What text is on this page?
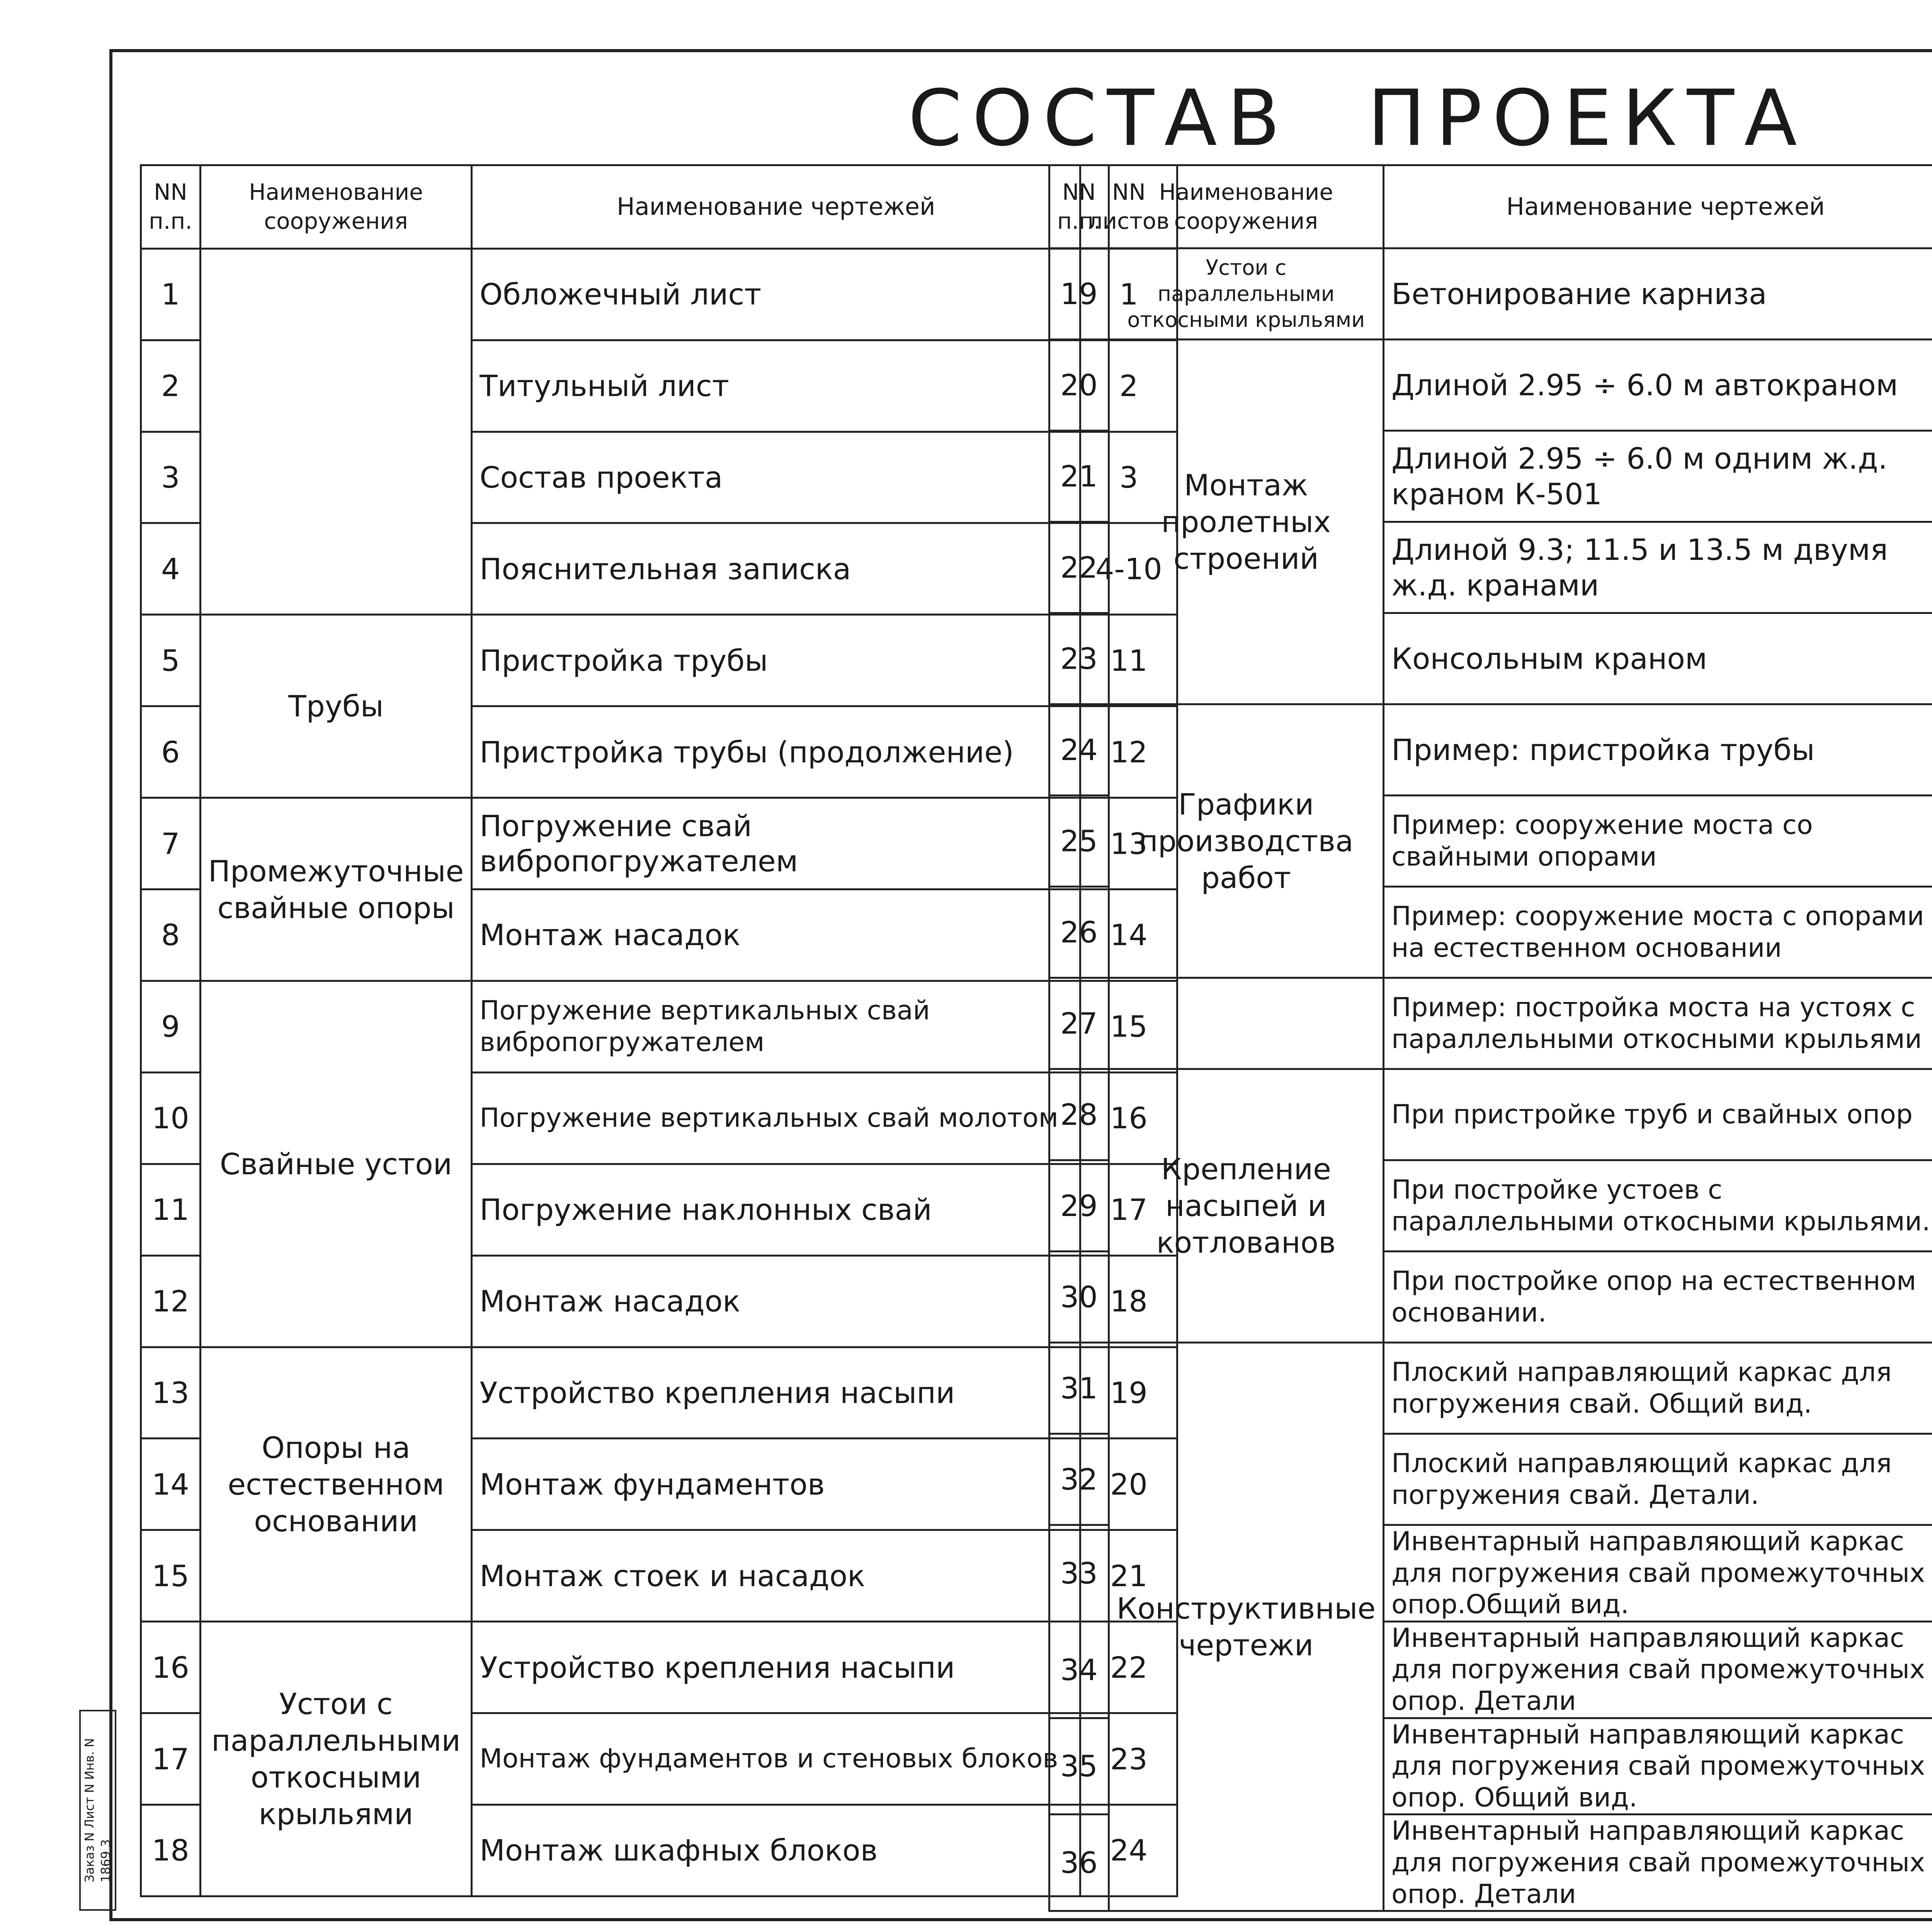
СОСТАВ ПРОЕКТА
NN п.п.	Наименование сооружения	Наименование чертежей	NN листов
1		Обложечный лист	1
2		Титульный лист	2
3		Состав проекта	3
4		Пояснительная записка	4-10
5	Трубы	Пристройка трубы	11
6		Пристройка трубы (продолжение)	12
7	Промежуточные свайные опоры	Погружение свай вибропогружателем	13
8		Монтаж насадок	14
9	Свайные устои	Погружение вертикальных свай вибропогружателем	15
10		Погружение вертикальных свай молотом	16
11		Погружение наклонных свай	17
12		Монтаж насадок	18
13	Опоры на естественном основании	Устройство крепления насыпи	19
14		Монтаж фундаментов	20
15		Монтаж стоек и насадок	21
16	Устои с параллельными откосными крыльями	Устройство крепления насыпи	22
17		Монтаж фундаментов и стеновых блоков	23
18		Монтаж шкафных блоков	24
NN п.п.	Наименование сооружения	Наименование чертежей	
19	Устои с параллельными откосными крыльями	Бетонирование карниза	
20	Монтаж пролетных строений	Длиной 2.95 ÷ 6.0 м автокраном	
21		Длиной 2.95 ÷ 6.0 м одним ж.д. краном К-501	
22		Длиной 9.3; 11.5 и 13.5 м двумя ж.д. кранами	
23		Консольным краном	
24	Графики производства работ	Пример: пристройка трубы	
25		Пример: сооружение моста со свайными опорами	
26		Пример: сооружение моста с опорами на естественном основании	
27		Пример: постройка моста на устоях с параллельными откосными крыльями	
28	Крепление насыпей и котлованов	При пристройке труб и свайных опор	
29		При постройке устоев с параллельными откосными крыльями.	
30		При постройке опор на естественном основании.	
31	Конструктивные чертежи	Плоский направляющий каркас для погружения свай. Общий вид.	
32		Плоский направляющий каркас для погружения свай. Детали.	
33		Инвентарный направляющий каркас для погружения свай промежуточных опор.Общий вид.	
34		Инвентарный направляющий каркас для погружения свай промежуточных опор. Детали	
35		Инвентарный направляющий каркас для погружения свай промежуточных опор. Общий вид.	
36		Инвентарный направляющий каркас для погружения свай промежуточных опор. Детали	

Заказ N Лист N Инв. N 1869 3
